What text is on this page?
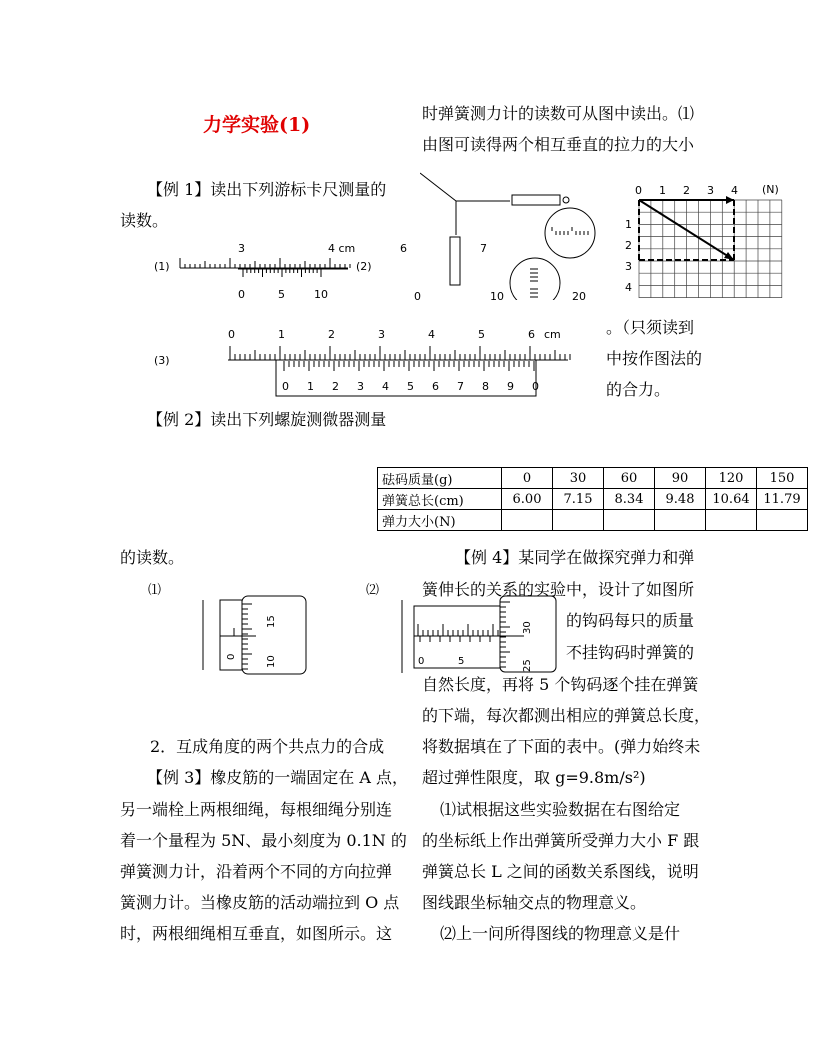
力学实验(1)
【例 1】读出下列游标卡尺测量的
读数。
时弹簧测力计的读数可从图中读出。⑴
由图可读得两个相互垂直的拉力的大小
。（只须读到
中按作图法的
的合力。
(1)
3	4 cm
0	5	10
(2)
6	7
0	10	20
(3)
0	1	2	3	4	5	6 cm
0 1 2 3 4 5 6 7 8 9 0
0 1 2 3 4
1
2
3
4
(N)
【例 2】读出下列螺旋测微器测量
砝码质量(g)	0	30	60	90	120	150
弹簧总长(cm)	6.00	7.15	8.34	9.48	10.64	11.79
弹力大小(N)						
的读数。
⑴
0
15
10
⑵
0	5
30
25
【例 4】某同学在做探究弹力和弹
簧伸长的关系的实验中，设计了如图所
的钩码每只的质量
不挂钩码时弹簧的
自然长度，再将 5 个钩码逐个挂在弹簧
的下端，每次都测出相应的弹簧总长度，
将数据填在了下面的表中。(弹力始终未
超过弹性限度，取 g=9.8m/s²)
⑴试根据这些实验数据在右图给定
的坐标纸上作出弹簧所受弹力大小 F 跟
弹簧总长 L 之间的函数关系图线，说明
图线跟坐标轴交点的物理意义。
⑵上一问所得图线的物理意义是什
2．互成角度的两个共点力的合成
【例 3】橡皮筋的一端固定在 A 点，
另一端栓上两根细绳，每根细绳分别连
着一个量程为 5N、最小刻度为 0.1N 的
弹簧测力计，沿着两个不同的方向拉弹
簧测力计。当橡皮筋的活动端拉到 O 点
时，两根细绳相互垂直，如图所示。这
